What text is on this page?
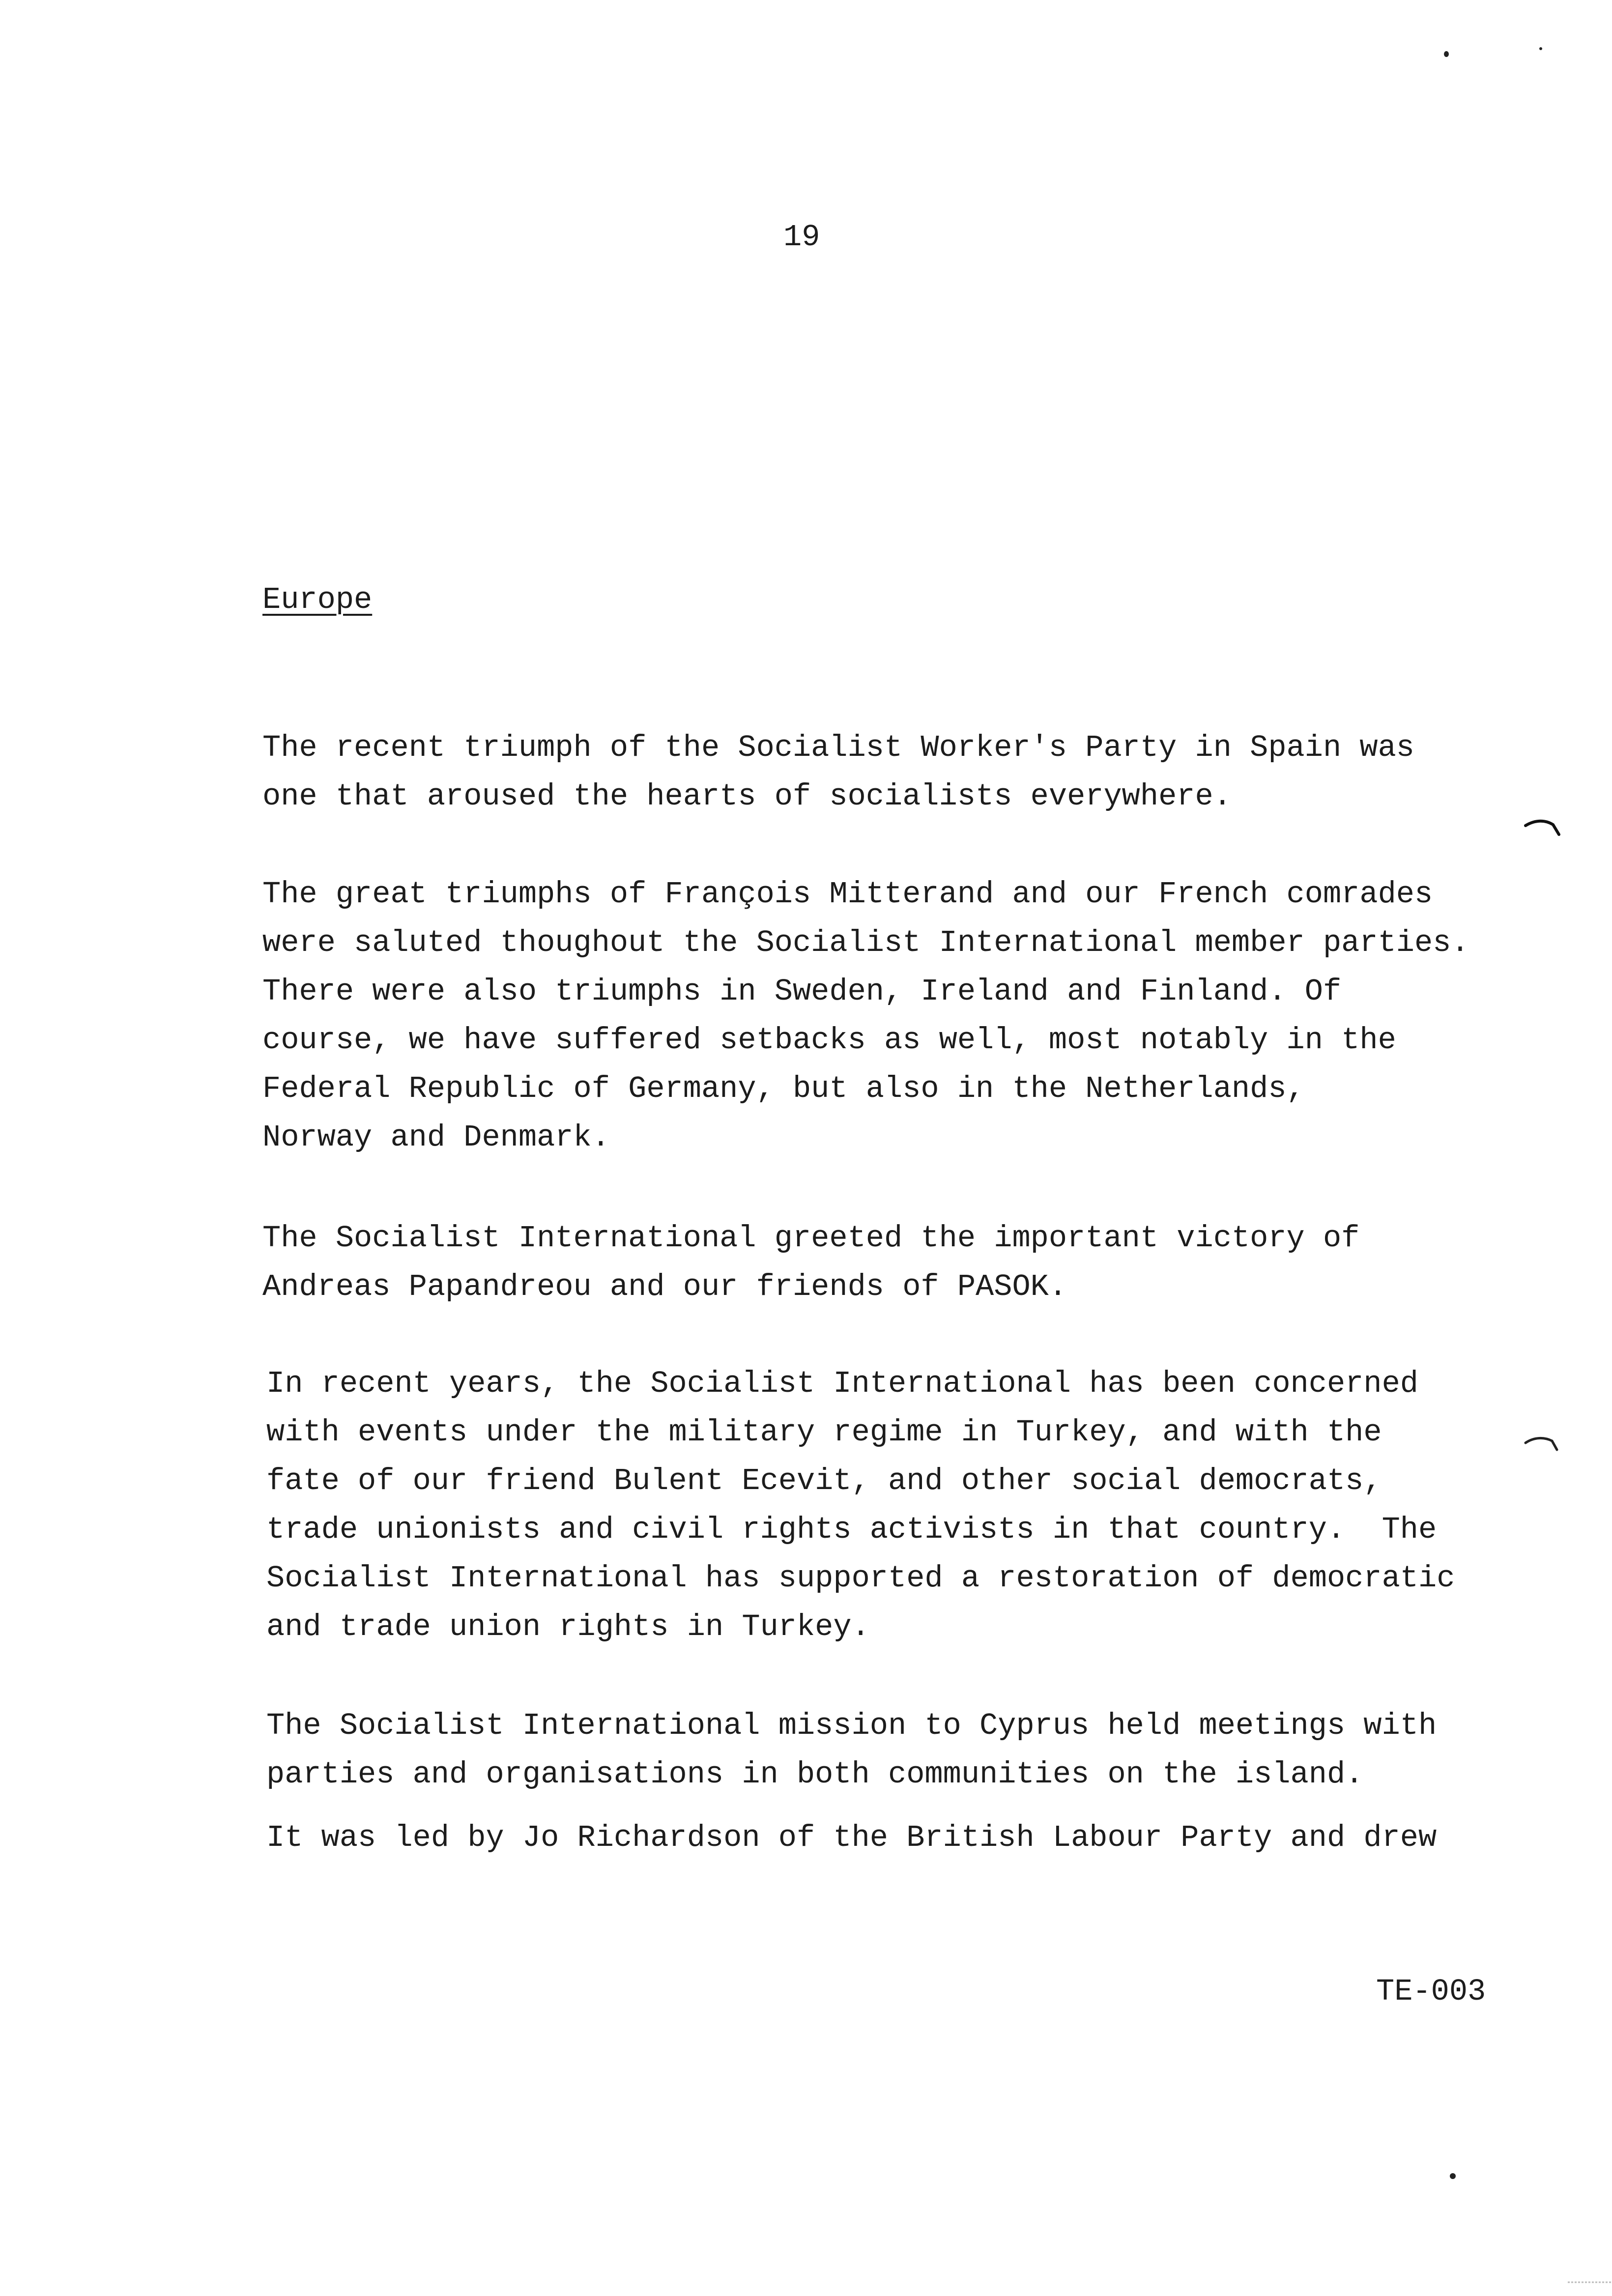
19
Europe

The recent triumph of the Socialist Worker's Party in Spain was
one that aroused the hearts of socialists everywhere.

The great triumphs of François Mitterand and our French comrades
were saluted thoughout the Socialist International member parties.
There were also triumphs in Sweden, Ireland and Finland. Of
course, we have suffered setbacks as well, most notably in the
Federal Republic of Germany, but also in the Netherlands,
Norway and Denmark.

The Socialist International greeted the important victory of
Andreas Papandreou and our friends of PASOK.

In recent years, the Socialist International has been concerned
with events under the military regime in Turkey, and with the
fate of our friend Bulent Ecevit, and other social democrats,
trade unionists and civil rights activists in that country.  The
Socialist International has supported a restoration of democratic
and trade union rights in Turkey.

The Socialist International mission to Cyprus held meetings with
parties and organisations in both communities on the island.

It was led by Jo Richardson of the British Labour Party and drew

TE-003
